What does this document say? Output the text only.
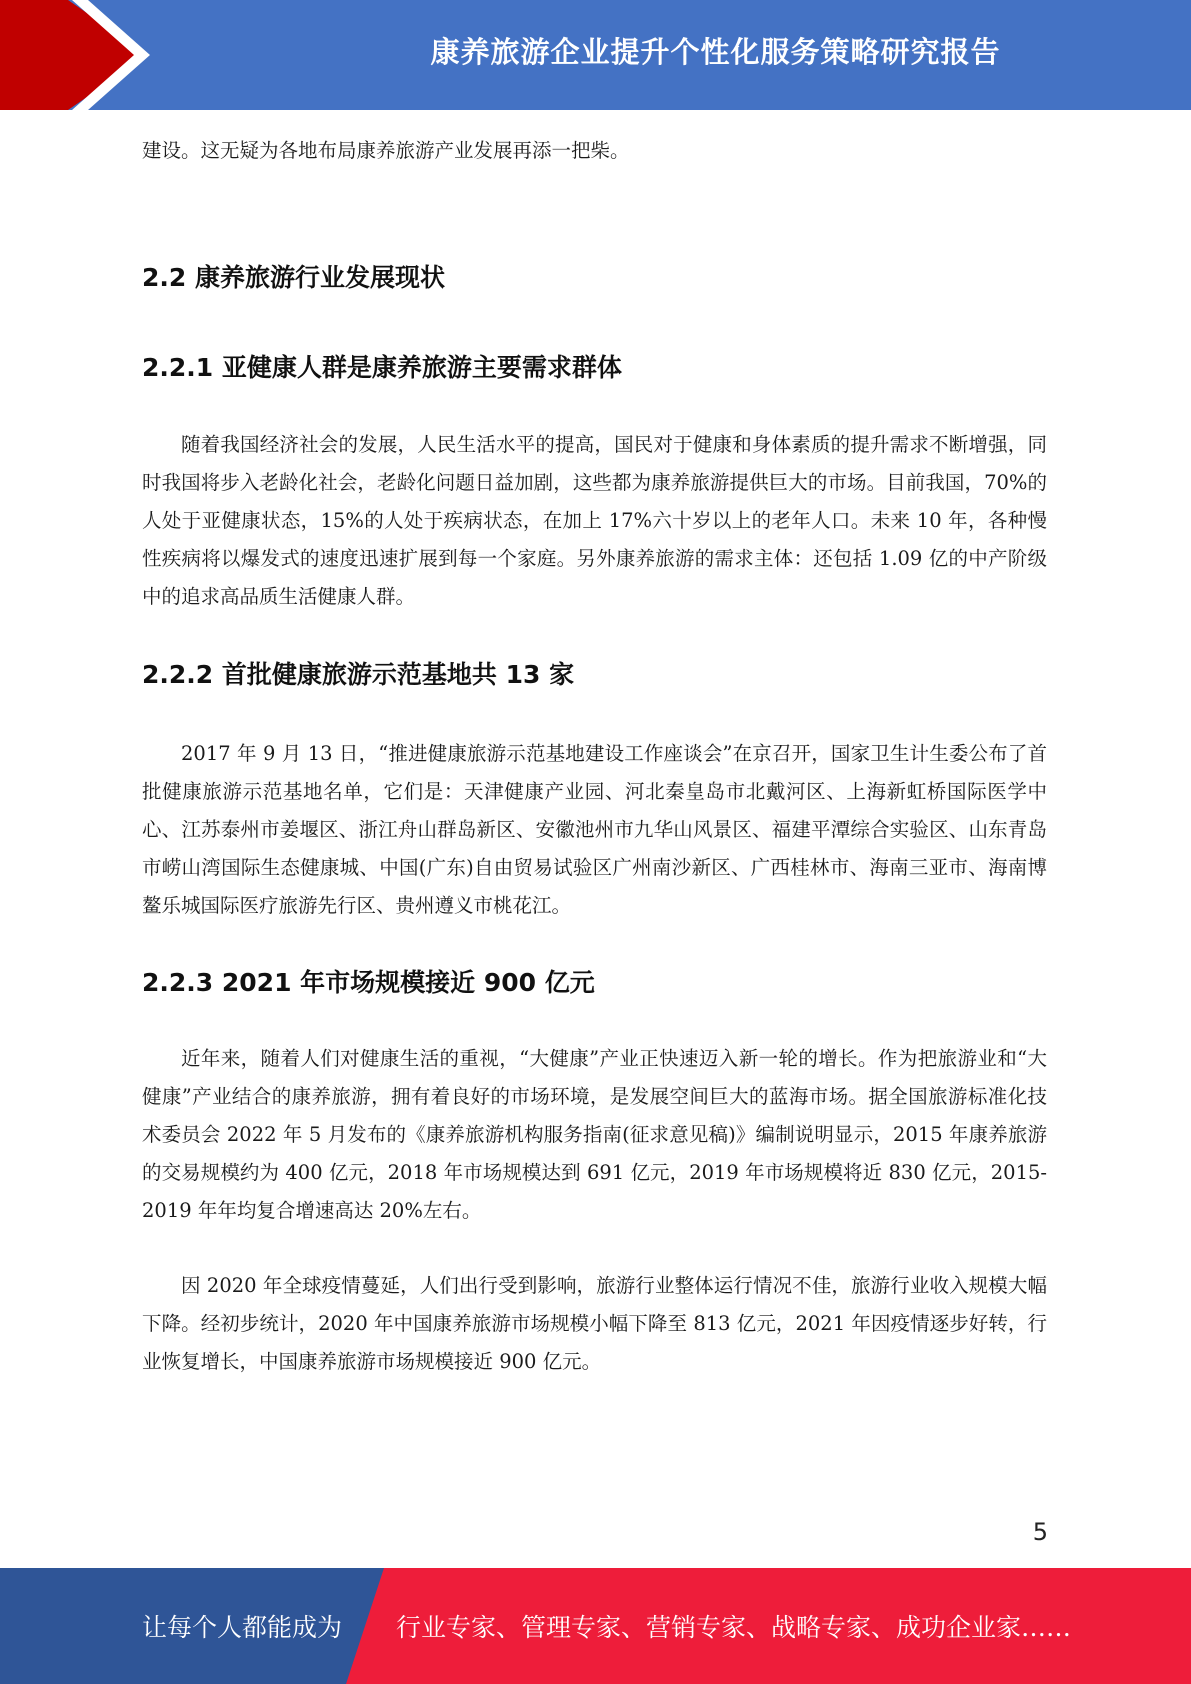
康养旅游企业提升个性化服务策略研究报告

建设。这无疑为各地布局康养旅游产业发展再添一把柴。

2.2 康养旅游行业发展现状
2.2.1 亚健康人群是康养旅游主要需求群体

随着我国经济社会的发展，人民生活水平的提高，国民对于健康和身体素质的提升需求不断增强，同时我国将步入老龄化社会，老龄化问题日益加剧，这些都为康养旅游提供巨大的市场。目前我国，70%的人处于亚健康状态，15%的人处于疾病状态，在加上 17%六十岁以上的老年人口。未来 10 年，各种慢性疾病将以爆发式的速度迅速扩展到每一个家庭。另外康养旅游的需求主体：还包括 1.09 亿的中产阶级中的追求高品质生活健康人群。

2.2.2 首批健康旅游示范基地共 13 家

2017 年 9 月 13 日，“推进健康旅游示范基地建设工作座谈会”在京召开，国家卫生计生委公布了首批健康旅游示范基地名单，它们是：天津健康产业园、河北秦皇岛市北戴河区、上海新虹桥国际医学中心、江苏泰州市姜堰区、浙江舟山群岛新区、安徽池州市九华山风景区、福建平潭综合实验区、山东青岛市崂山湾国际生态健康城、中国(广东)自由贸易试验区广州南沙新区、广西桂林市、海南三亚市、海南博鳌乐城国际医疗旅游先行区、贵州遵义市桃花江。

2.2.3 2021 年市场规模接近 900 亿元

近年来，随着人们对健康生活的重视，“大健康”产业正快速迈入新一轮的增长。作为把旅游业和“大健康”产业结合的康养旅游，拥有着良好的市场环境，是发展空间巨大的蓝海市场。据全国旅游标准化技术委员会 2022 年 5 月发布的《康养旅游机构服务指南(征求意见稿)》编制说明显示，2015 年康养旅游的交易规模约为 400 亿元，2018 年市场规模达到 691 亿元，2019 年市场规模将近 830 亿元，2015-2019 年年均复合增速高达 20%左右。

因 2020 年全球疫情蔓延，人们出行受到影响，旅游行业整体运行情况不佳，旅游行业收入规模大幅下降。经初步统计，2020 年中国康养旅游市场规模小幅下降至 813 亿元，2021 年因疫情逐步好转，行业恢复增长，中国康养旅游市场规模接近 900 亿元。

5
让每个人都能成为 行业专家、管理专家、营销专家、战略专家、成功企业家……
